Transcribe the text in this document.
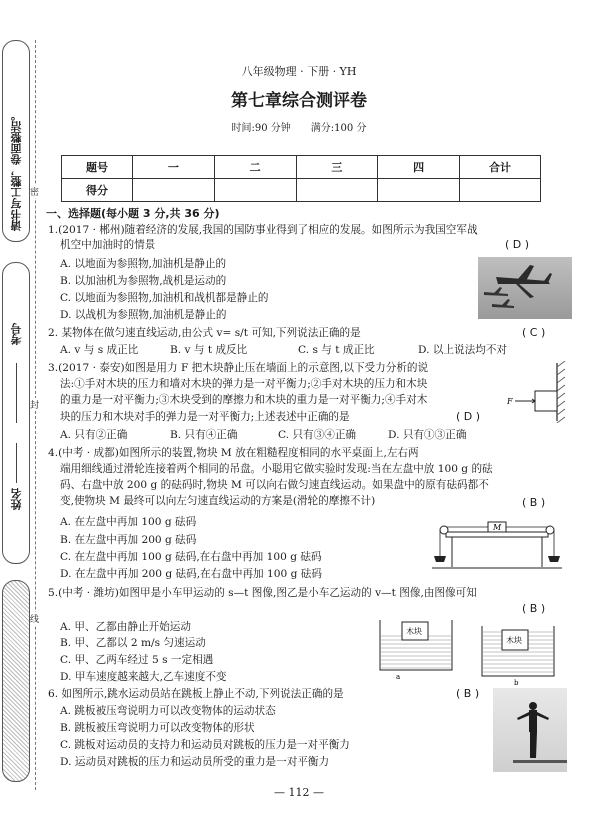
请书写工整，卷面整洁。
考号
姓名
密
封
线
八年级物理 · 下册 · YH
第七章综合测评卷
时间:90 分钟　　满分:100 分
题号	一	二	三	四	合计
得分					
一、选择题(每小题 3 分,共 36 分)
1.(2017 · 郴州)随着经济的发展,我国的国防事业得到了相应的发展。如图所示为我国空军战
机空中加油时的情景	( D )
A. 以地面为参照物,加油机是静止的
B. 以加油机为参照物,战机是运动的
C. 以地面为参照物,加油机和战机都是静止的
D. 以战机为参照物,加油机是静止的
2. 某物体在做匀速直线运动,由公式 v= s/t 可知,下列说法正确的是	( C )
A. v 与 s 成正比	B. v 与 t 成反比	C. s 与 t 成正比	D. 以上说法均不对
3.(2017 · 泰安)如图是用力 F 把木块静止压在墙面上的示意图,以下受力分析的说
法:①手对木块的压力和墙对木块的弹力是一对平衡力;②手对木块的压力和木块
的重力是一对平衡力;③木块受到的摩擦力和木块的重力是一对平衡力;④手对木
块的压力和木块对手的弹力是一对平衡力;上述表述中正确的是	( D )
A. 只有②正确	B. 只有④正确	C. 只有③④正确	D. 只有①③正确
F
4.(中考 · 成都)如图所示的装置,物块 M 放在粗糙程度相同的水平桌面上,左右两
端用细线通过滑轮连接着两个相同的吊盘。小聪用它做实验时发现:当在左盘中放 100 g 的砝
码、右盘中放 200 g 的砝码时,物块 M 可以向右做匀速直线运动。如果盘中的原有砝码都不
变,使物块 M 最终可以向左匀速直线运动的方案是(滑轮的摩擦不计)	( B )
A. 在左盘中再加 100 g 砝码
B. 在左盘中再加 200 g 砝码
C. 在左盘中再加 100 g 砝码,在右盘中再加 100 g 砝码
D. 在左盘中再加 200 g 砝码,在右盘中再加 100 g 砝码
M
5.(中考 · 潍坊)如图甲是小车甲运动的 s—t 图像,图乙是小车乙运动的 v—t 图像,由图像可知
( B )
A. 甲、乙都由静止开始运动
B. 甲、乙都以 2 m/s 匀速运动
C. 甲、乙两车经过 5 s 一定相遇
D. 甲车速度越来越大,乙车速度不变
木块
a
木块
b
6. 如图所示,跳水运动员站在跳板上静止不动,下列说法正确的是	( B )
A. 跳板被压弯说明力可以改变物体的运动状态
B. 跳板被压弯说明力可以改变物体的形状
C. 跳板对运动员的支持力和运动员对跳板的压力是一对平衡力
D. 运动员对跳板的压力和运动员所受的重力是一对平衡力
— 112 —
